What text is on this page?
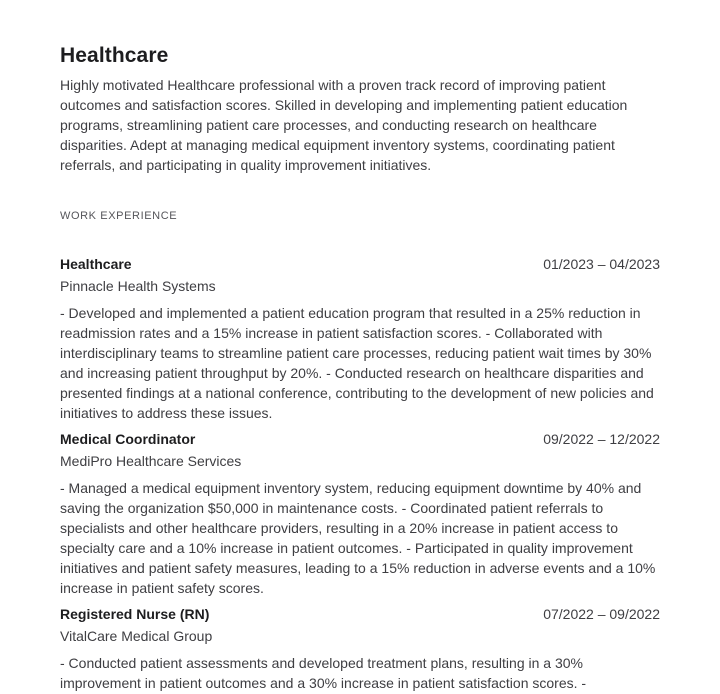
Healthcare

Highly motivated Healthcare professional with a proven track record of improving patient outcomes and satisfaction scores. Skilled in developing and implementing patient education programs, streamlining patient care processes, and conducting research on healthcare disparities. Adept at managing medical equipment inventory systems, coordinating patient referrals, and participating in quality improvement initiatives.

WORK EXPERIENCE
Healthcare	01/2023 – 04/2023
Pinnacle Health Systems

- Developed and implemented a patient education program that resulted in a 25% reduction in readmission rates and a 15% increase in patient satisfaction scores. - Collaborated with interdisciplinary teams to streamline patient care processes, reducing patient wait times by 30% and increasing patient throughput by 20%. - Conducted research on healthcare disparities and presented findings at a national conference, contributing to the development of new policies and initiatives to address these issues.

Medical Coordinator	09/2022 – 12/2022
MediPro Healthcare Services

- Managed a medical equipment inventory system, reducing equipment downtime by 40% and saving the organization $50,000 in maintenance costs. - Coordinated patient referrals to specialists and other healthcare providers, resulting in a 20% increase in patient access to specialty care and a 10% increase in patient outcomes. - Participated in quality improvement initiatives and patient safety measures, leading to a 15% reduction in adverse events and a 10% increase in patient safety scores.

Registered Nurse (RN)	07/2022 – 09/2022
VitalCare Medical Group

- Conducted patient assessments and developed treatment plans, resulting in a 30% improvement in patient outcomes and a 30% increase in patient satisfaction scores. -
